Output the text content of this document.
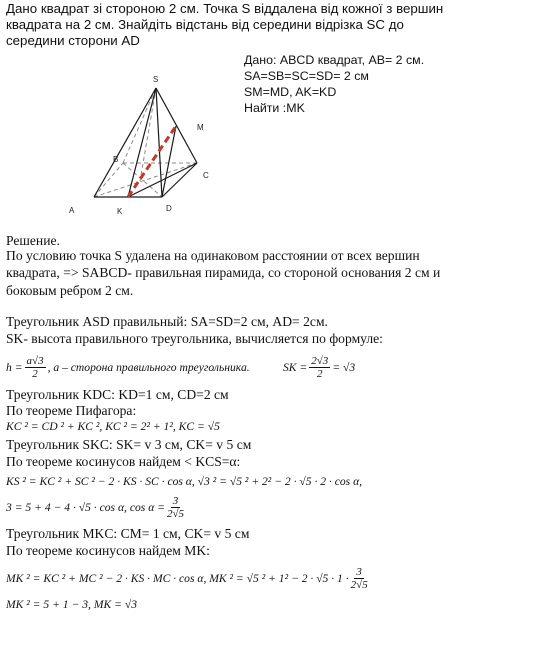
Дано квадрат зі стороною 2 см. Точка S віддалена від кожної з вершин
квадрата на 2 см. Знайдіть відстань від середини відрізка SC до
середини сторони AD
Дано: ABCD квадрат, AB= 2 см.
SA=SB=SC=SD= 2 см
SM=MD, AK=KD
Найти :MK
S
M
B
C
A	K	D
Решение.
По условию точка S удалена на одинаковом расстоянии от всех вершин
квадрата, => SABCD- правильная пирамида, со стороной основания 2 см и
боковым ребром 2 см.
Треугольник ASD правильный: SA=SD=2 см, AD= 2см.
SK- высота правильного треугольника, вычисляется по формуле:
$h = \frac{a√3}{2}$ , a – сторона правильного треугольника.	SK = $\frac{2√3}{2} = √3$
Треугольник KDC: KD=1 см, CD=2 см
По теореме Пифагора:
KC ² = CD ² + KC ², KC ² = 2² + 1², KC = √5
Треугольник SKC: SK= v 3 см, CK= v 5 см
По теореме косинусов найдем < KCS=α:
KS ² = KC ² + SC ² − 2 · KS · SC · cos α, √3 ² = √5 ² + 2² − 2 · √5 · 2 · cos α,
3 = 5 + 4 − 4 · √5 · cos α, $\cos \alpha = \frac{3}{2√5}$
Треугольник MKC: CM= 1 см, CK= v 5 см
По теореме косинусов найдем MK:
MK ² = KC ² + MC ² − 2 · KS · MC · cos α, MK ² = √5 $^2 + 1^2 - 2 \cdot √5 \cdot 1 \cdot \frac{3}{2√5}$
MK ² = 5 + 1 − 3, MK = √3
